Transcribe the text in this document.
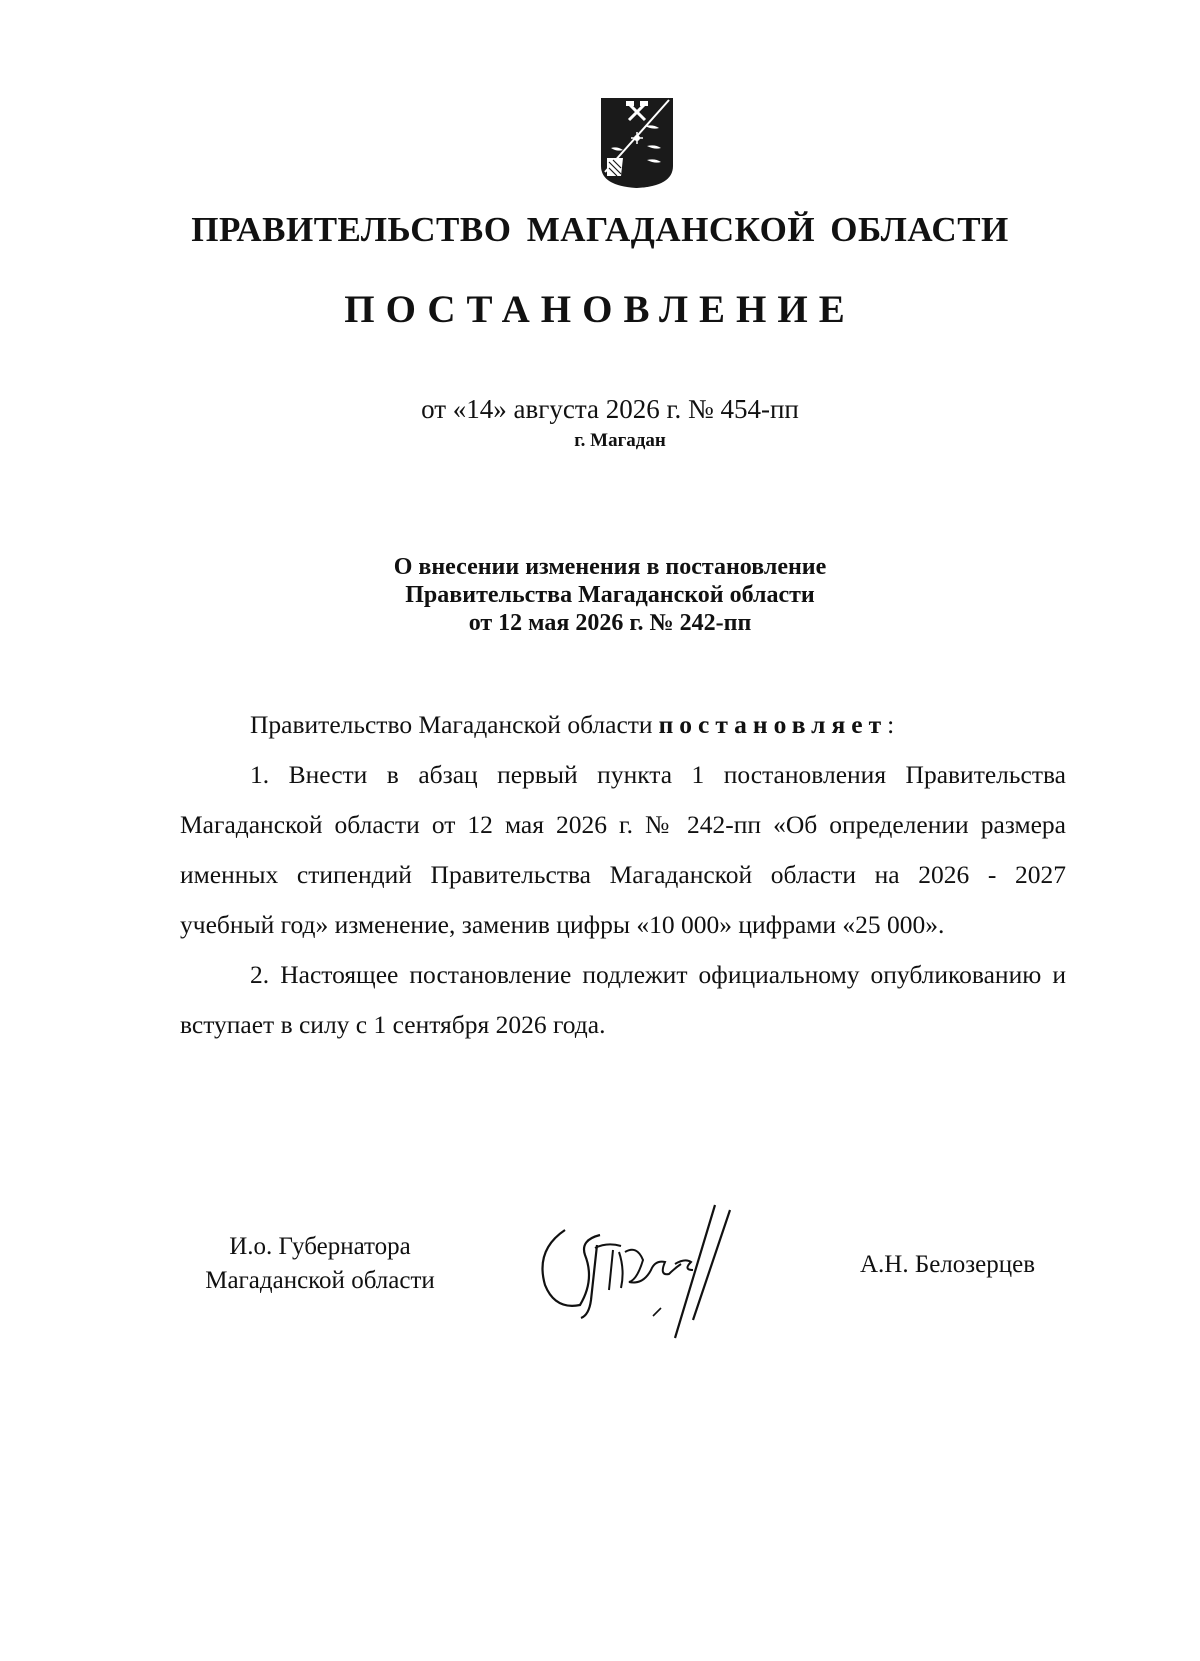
ПРАВИТЕЛЬСТВО МАГАДАНСКОЙ ОБЛАСТИ
ПОСТАНОВЛЕНИЕ
от «14» августа 2026 г. № 454-пп
г. Магадан
О внесении изменения в постановление
Правительства Магаданской области
от 12 мая 2026 г. № 242-пп

Правительство Магаданской области постановляет:

1. Внести в абзац первый пункта 1 постановления Правительства Магаданской области от 12 мая 2026 г. № 242-пп «Об определении размера именных стипендий Правительства Магаданской области на 2026 - 2027 учебный год» изменение, заменив цифры «10 000» цифрами «25 000».

2. Настоящее постановление подлежит официальному опубликованию и вступает в силу с 1 сентября 2026 года.

И.о. Губернатора
Магаданской области
А.Н. Белозерцев
